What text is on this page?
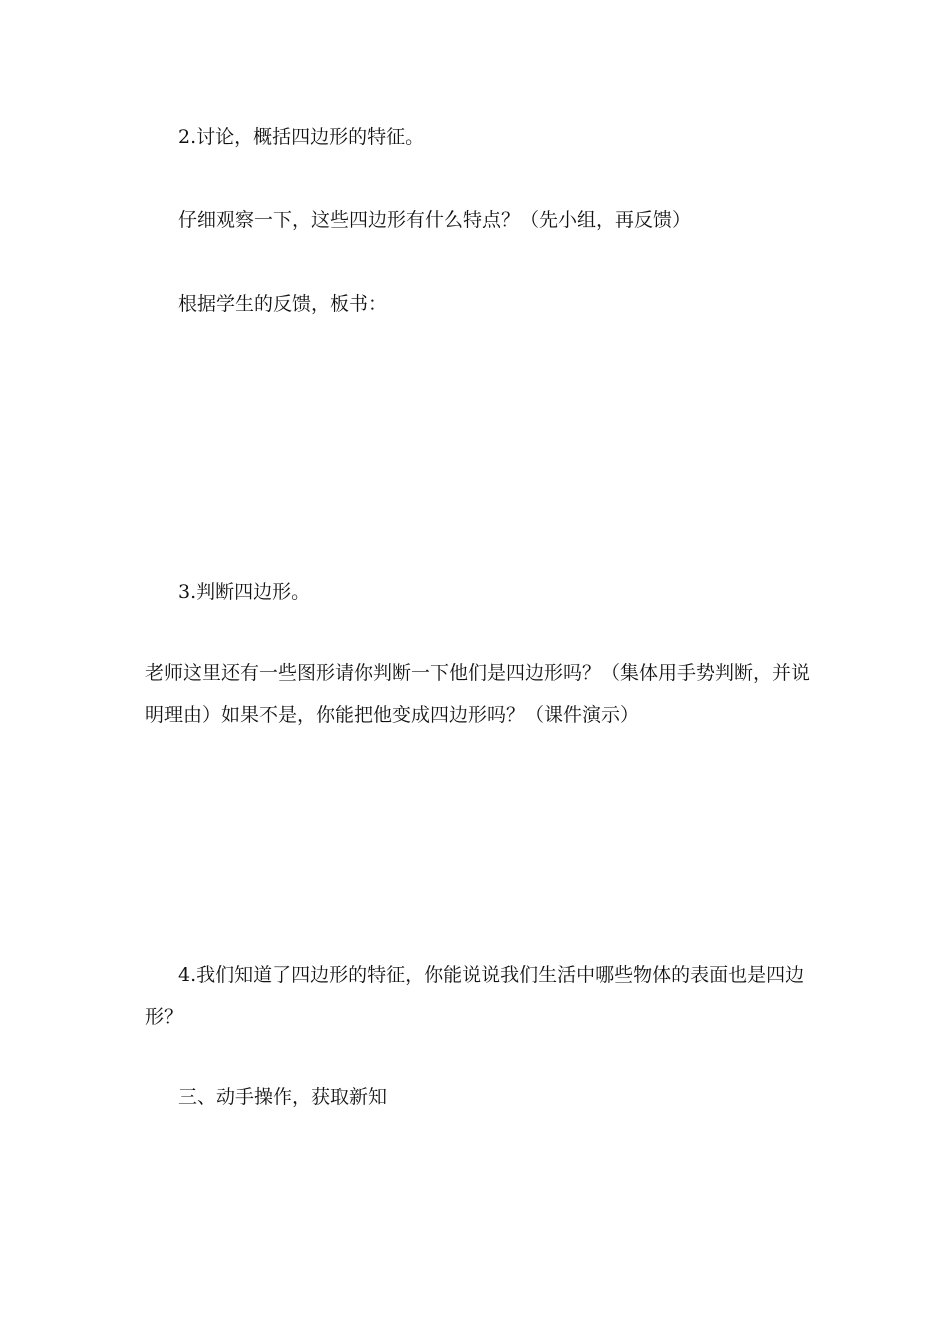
2.讨论，概括四边形的特征。

仔细观察一下，这些四边形有什么特点？（先小组，再反馈）

根据学生的反馈，板书：

3.判断四边形。

老师这里还有一些图形请你判断一下他们是四边形吗？（集体用手势判断，并说

明理由）如果不是，你能把他变成四边形吗？（课件演示）

4.我们知道了四边形的特征，你能说说我们生活中哪些物体的表面也是四边

形？

三、动手操作，获取新知
